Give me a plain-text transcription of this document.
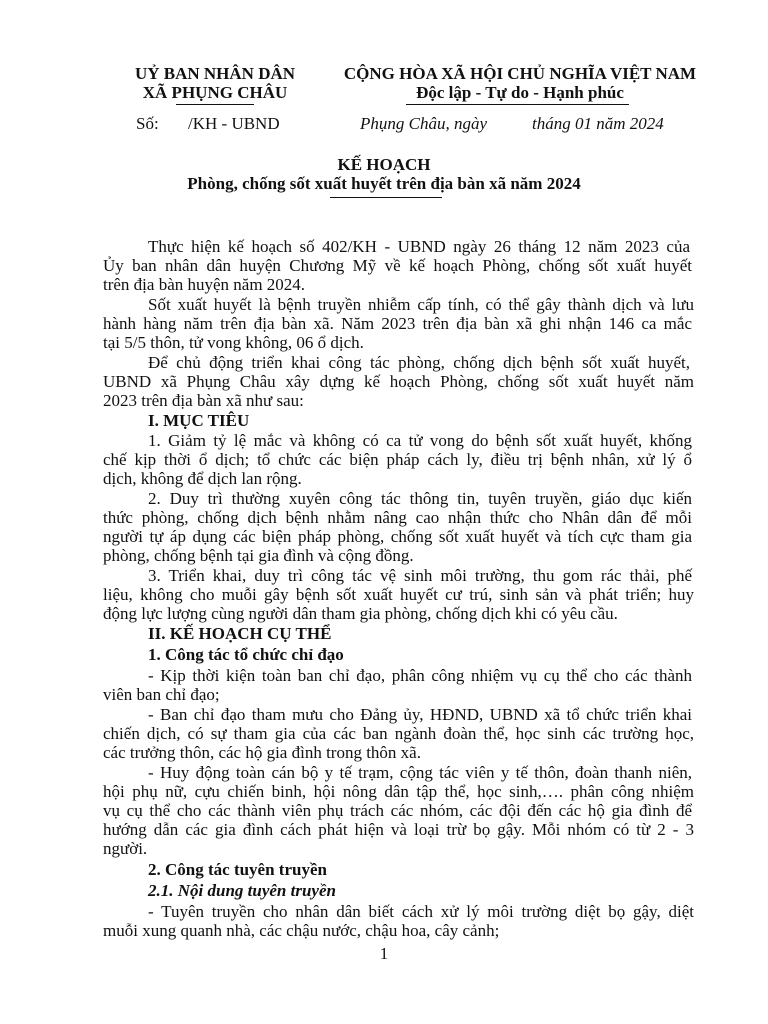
UỶ BAN NHÂN DÂN
XÃ PHỤNG CHÂU
CỘNG HÒA XÃ HỘI CHỦ NGHĨA VIỆT NAM
Độc lập - Tự do - Hạnh phúc
Số: /KH - UBND	Phụng Châu, ngày	tháng 01 năm 2024
KẾ HOẠCH
Phòng, chống sốt xuất huyết trên địa bàn xã năm 2024
Thực hiện kế hoạch số 402/KH - UBND ngày 26 tháng 12 năm 2023 của
Ủy ban nhân dân huyện Chương Mỹ về kế hoạch Phòng, chống sốt xuất huyết
trên địa bàn huyện năm 2024.
Sốt xuất huyết là bệnh truyền nhiễm cấp tính, có thể gây thành dịch và lưu
hành hàng năm trên địa bàn xã. Năm 2023 trên địa bàn xã ghi nhận 146 ca mắc
tại 5/5 thôn, tử vong không, 06 ổ dịch.
Để chủ động triển khai công tác phòng, chống dịch bệnh sốt xuất huyết,
UBND xã Phụng Châu xây dựng kế hoạch Phòng, chống sốt xuất huyết năm
2023 trên địa bàn xã như sau:
I. MỤC TIÊU
1. Giảm tỷ lệ mắc và không có ca tử vong do bệnh sốt xuất huyết, khống
chế kịp thời ổ dịch; tổ chức các biện pháp cách ly, điều trị bệnh nhân, xử lý ổ
dịch, không để dịch lan rộng.
2. Duy trì thường xuyên công tác thông tin, tuyên truyền, giáo dục kiến
thức phòng, chống dịch bệnh nhằm nâng cao nhận thức cho Nhân dân để mỗi
người tự áp dụng các biện pháp phòng, chống sốt xuất huyết và tích cực tham gia
phòng, chống bệnh tại gia đình và cộng đồng.
3. Triển khai, duy trì công tác vệ sinh môi trường, thu gom rác thải, phế
liệu, không cho muỗi gây bệnh sốt xuất huyết cư trú, sinh sản và phát triển; huy
động lực lượng cùng người dân tham gia phòng, chống dịch khi có yêu cầu.
II. KẾ HOẠCH CỤ THỂ
1. Công tác tổ chức chỉ đạo
- Kịp thời kiện toàn ban chỉ đạo, phân công nhiệm vụ cụ thể cho các thành
viên ban chỉ đạo;
- Ban chỉ đạo tham mưu cho Đảng ủy, HĐND, UBND xã tổ chức triển khai
chiến dịch, có sự tham gia của các ban ngành đoàn thể, học sinh các trường học,
các trưởng thôn, các hộ gia đình trong thôn xã.
- Huy động toàn cán bộ y tế trạm, cộng tác viên y tế thôn, đoàn thanh niên,
hội phụ nữ, cựu chiến binh, hội nông dân tập thể, học sinh,…. phân công nhiệm
vụ cụ thể cho các thành viên phụ trách các nhóm, các đội đến các hộ gia đình để
hướng dẫn các gia đình cách phát hiện và loại trừ bọ gậy. Mỗi nhóm có từ 2 - 3
người.
2. Công tác tuyên truyền
2.1. Nội dung tuyên truyền
- Tuyên truyền cho nhân dân biết cách xử lý môi trường diệt bọ gậy, diệt
muỗi xung quanh nhà, các chậu nước, chậu hoa, cây cảnh;
1
